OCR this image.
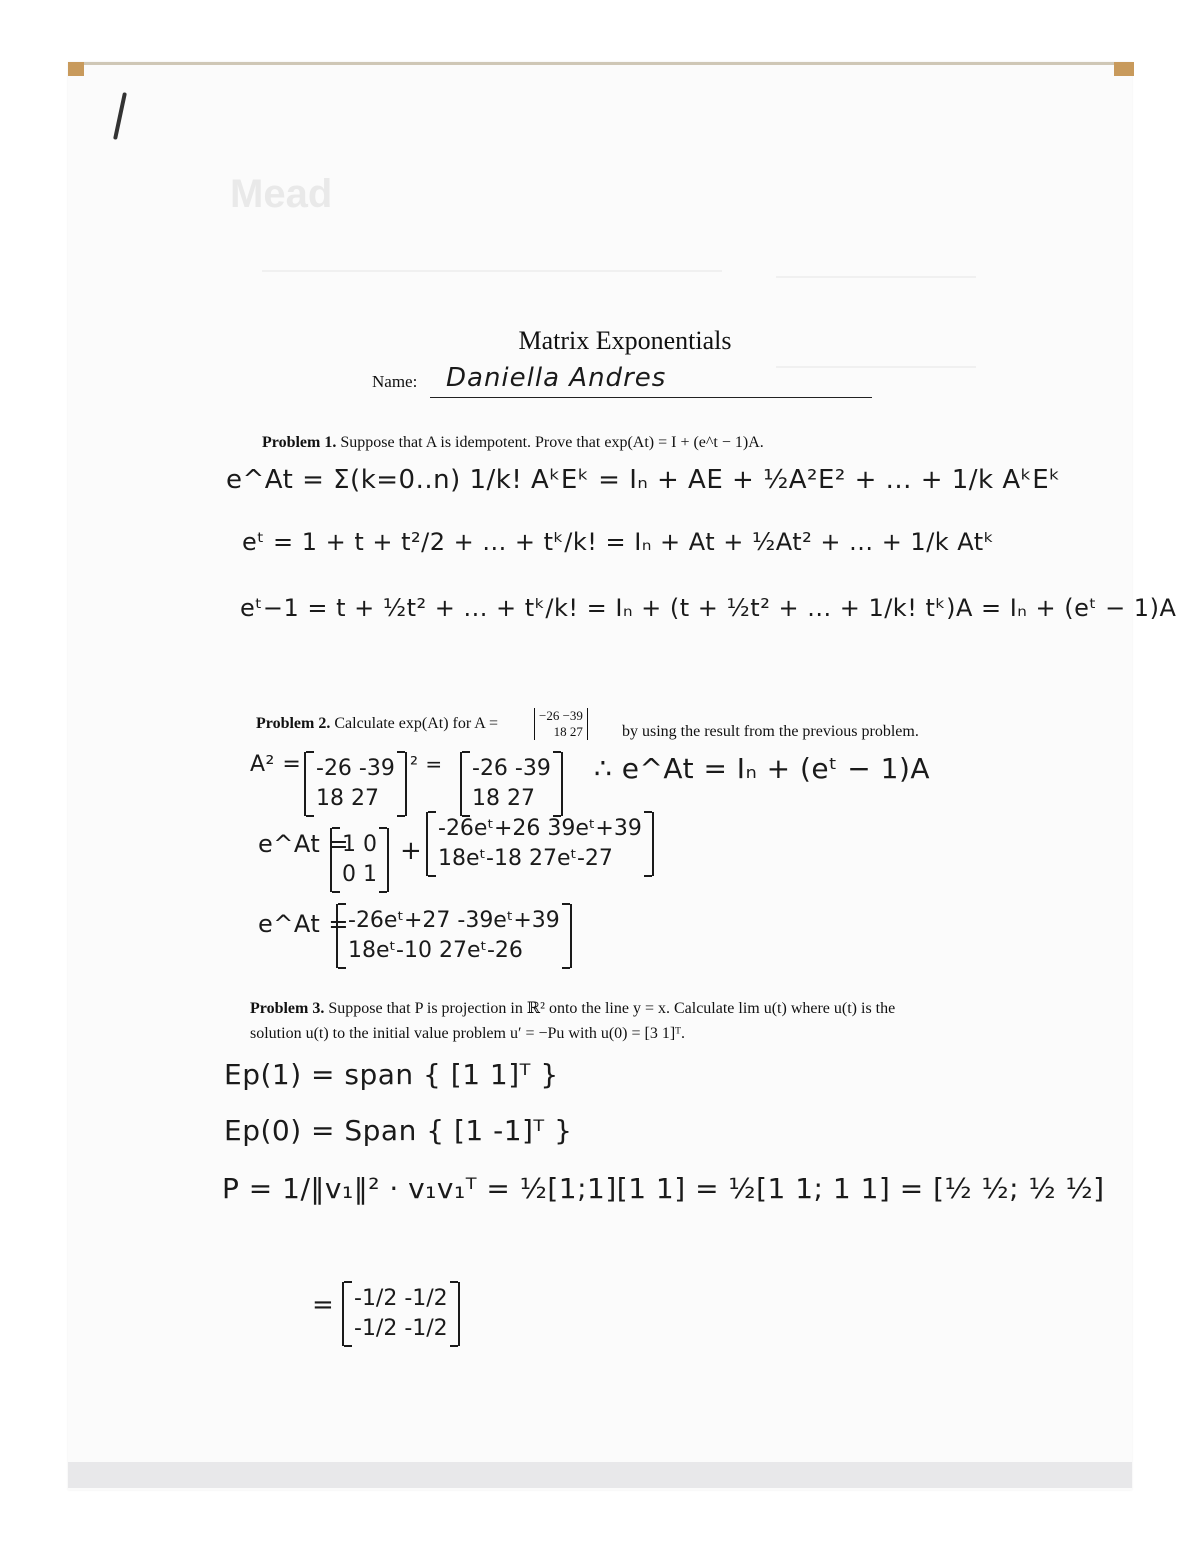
Mead
Matrix Exponentials
Name: Daniella Andres
Problem 1. Suppose that A is idempotent. Prove that exp(At) = I + (e^t − 1)A.
e^At = Σ(k=0..n) 1/k! AᵏEᵏ = Iₙ + AE + ½A²E² + ... + 1/k AᵏEᵏ
eᵗ = 1 + t + t²/2 + ... + tᵏ/k! = Iₙ + At + ½At² + ... + 1/k Atᵏ
eᵗ−1 = t + ½t² + ... + tᵏ/k! = Iₙ + (t + ½t² + ... + 1/k! tᵏ)A = Iₙ + (eᵗ − 1)A
Problem 2. Calculate exp(At) for A =	−26 −39
18 27 by using the result from the previous problem.
A² = -26 -39
18 27
² = -26 -39
18 27
∴ e^At = Iₙ + (eᵗ − 1)A
e^At =
1 0
0 1
+
-26eᵗ+26 39eᵗ+39
18eᵗ-18 27eᵗ-27
e^At =
-26eᵗ+27 -39eᵗ+39
18eᵗ-10 27eᵗ-26
Problem 3. Suppose that P is projection in ℝ² onto the line y = x. Calculate lim u(t) where u(t) is the
solution u(t) to the initial value problem u′ = −Pu with u(0) = [3 1]ᵀ.
Ep(1) = span { [1 1]ᵀ }
Ep(0) = Span { [1 -1]ᵀ }
P = 1/‖v₁‖² · v₁v₁ᵀ = ½[1;1][1 1] = ½[1 1; 1 1] = [½ ½; ½ ½]
= -1/2 -1/2
-1/2 -1/2
